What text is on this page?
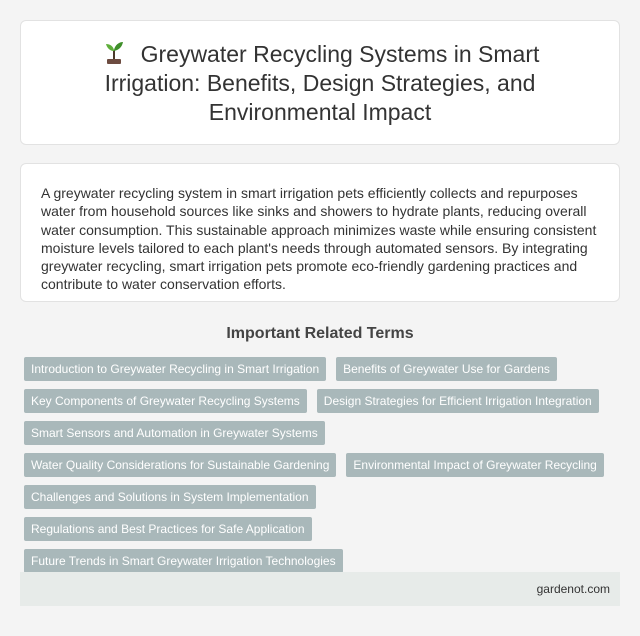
Greywater Recycling Systems in Smart Irrigation: Benefits, Design Strategies, and Environmental Impact

A greywater recycling system in smart irrigation pets efficiently collects and repurposes water from household sources like sinks and showers to hydrate plants, reducing overall water consumption. This sustainable approach minimizes waste while ensuring consistent moisture levels tailored to each plant's needs through automated sensors. By integrating greywater recycling, smart irrigation pets promote eco-friendly gardening practices and contribute to water conservation efforts.

Important Related Terms
Introduction to Greywater Recycling in Smart Irrigation	Benefits of Greywater Use for Gardens
Key Components of Greywater Recycling Systems	Design Strategies for Efficient Irrigation Integration
Smart Sensors and Automation in Greywater Systems
Water Quality Considerations for Sustainable Gardening	Environmental Impact of Greywater Recycling
Challenges and Solutions in System Implementation
Regulations and Best Practices for Safe Application
Future Trends in Smart Greywater Irrigation Technologies
gardenot.com
